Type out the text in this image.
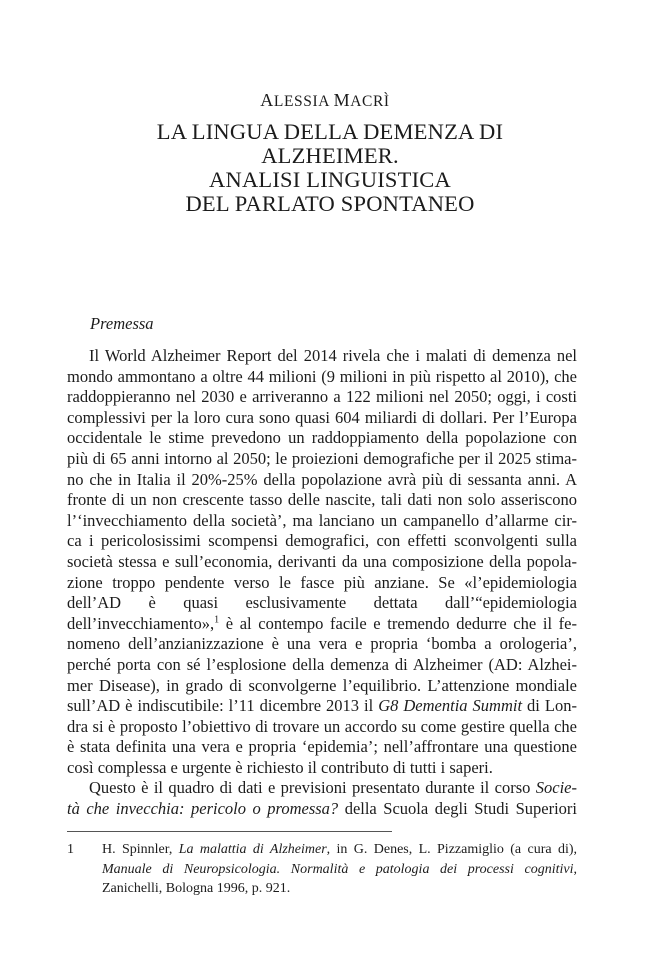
ALESSIA MACRÌ
LA LINGUA DELLA DEMENZA DI
ALZHEIMER.
ANALISI LINGUISTICA
DEL PARLATO SPONTANEO
Premessa
Il World Alzheimer Report del 2014 rivela che i malati di demenza nel
mondo ammontano a oltre 44 milioni (9 milioni in più rispetto al 2010), che
raddoppieranno nel 2030 e arriveranno a 122 milioni nel 2050; oggi, i costi
complessivi per la loro cura sono quasi 604 miliardi di dollari. Per l’Europa
occidentale le stime prevedono un raddoppiamento della popolazione con
più di 65 anni intorno al 2050; le proiezioni demografiche per il 2025 stima-
no che in Italia il 20%-25% della popolazione avrà più di sessanta anni. A
fronte di un non crescente tasso delle nascite, tali dati non solo asseriscono
l’‘invecchiamento della società’, ma lanciano un campanello d’allarme cir-
ca i pericolosissimi scompensi demografici, con effetti sconvolgenti sulla
società stessa e sull’economia, derivanti da una composizione della popola-
zione troppo pendente verso le fasce più anziane. Se «l’epidemiologia
dell’AD è quasi esclusivamente dettata dall’“epidemiologia
dell’invecchiamento»,$^1$ è al contempo facile e tremendo dedurre che il fe-
nomeno dell’anzianizzazione è una vera e propria ‘bomba a orologeria’,
perché porta con sé l’esplosione della demenza di Alzheimer (AD: Alzhei-
mer Disease), in grado di sconvolgerne l’equilibrio. L’attenzione mondiale
sull’AD è indiscutibile: l’11 dicembre 2013 il G8 Dementia Summit di Lon-
dra si è proposto l’obiettivo di trovare un accordo su come gestire quella che
è stata definita una vera e propria ‘epidemia’; nell’affrontare una questione
così complessa e urgente è richiesto il contributo di tutti i saperi.
Questo è il quadro di dati e previsioni presentato durante il corso Socie-
tà che invecchia: pericolo o promessa? della Scuola degli Studi Superiori
1 H. Spinnler, La malattia di Alzheimer, in G. Denes, L. Pizzamiglio (a cura di),
Manuale di Neuropsicologia. Normalità e patologia dei processi cognitivi,
Zanichelli, Bologna 1996, p. 921.
